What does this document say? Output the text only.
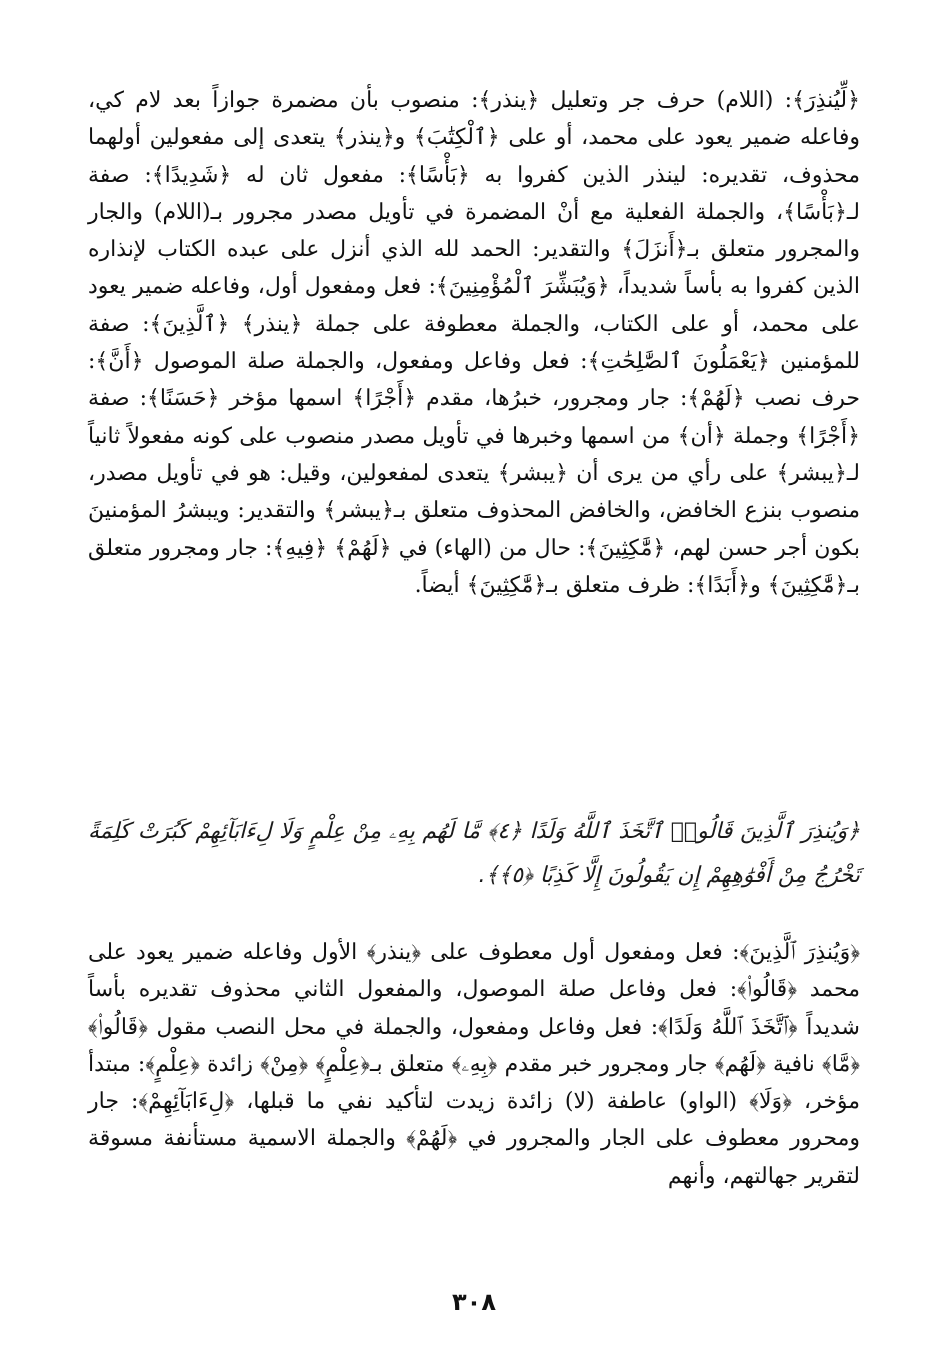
﴿لِّيُنذِرَ﴾: (اللام) حرف جر وتعليل ﴿ينذر﴾: منصوب بأن مضمرة جوازاً بعد لام كي، وفاعله ضمير يعود على محمد، أو على ﴿ٱلْكِتَٰبَ﴾ و﴿ينذر﴾ يتعدى إلى مفعولين أولهما محذوف، تقديره: لينذر الذين كفروا به ﴿بَأْسًا﴾: مفعول ثان له ﴿شَدِيدًا﴾: صفة لـ﴿بَأْسًا﴾، والجملة الفعلية مع أنْ المضمرة في تأويل مصدر مجرور بـ(اللام) والجار والمجرور متعلق بـ﴿أَنزَلَ﴾ والتقدير: الحمد لله الذي أنزل على عبده الكتاب لإنذاره الذين كفروا به بأساً شديداً، ﴿وَيُبَشِّرَ ٱلْمُؤْمِنِينَ﴾: فعل ومفعول أول، وفاعله ضمير يعود على محمد، أو على الكتاب، والجملة معطوفة على جملة ﴿ينذر﴾ ﴿ٱلَّذِينَ﴾: صفة للمؤمنين ﴿يَعْمَلُونَ ٱلصَّٰلِحَٰتِ﴾: فعل وفاعل ومفعول، والجملة صلة الموصول ﴿أَنَّ﴾: حرف نصب ﴿لَهُمْ﴾: جار ومجرور، خبرُها، مقدم ﴿أَجْرًا﴾ اسمها مؤخر ﴿حَسَنًا﴾: صفة ﴿أَجْرًا﴾ وجملة ﴿أن﴾ من اسمها وخبرها في تأويل مصدر منصوب على كونه مفعولاً ثانياً لـ﴿يبشر﴾ على رأي من يرى أن ﴿يبشر﴾ يتعدى لمفعولين، وقيل: هو في تأويل مصدر، منصوب بنزع الخافض، والخافض المحذوف متعلق بـ﴿يبشر﴾ والتقدير: ويبشرُ المؤمنينَ بكون أجر حسن لهم، ﴿مَّٰكِثِينَ﴾: حال من (الهاء) في ﴿لَهُمْ﴾ ﴿فِيهِ﴾: جار ومجرور متعلق بـ﴿مَّٰكِثِينَ﴾ و﴿أَبَدًا﴾: ظرف متعلق بـ﴿مَّٰكِثِينَ﴾ أيضاً.

﴿وَيُنذِرَ ٱلَّذِينَ قَالُوا۟ ٱتَّخَذَ ٱللَّهُ وَلَدًا ﴿٤﴾ مَّا لَهُم بِهِۦ مِنْ عِلْمٍ وَلَا لِءَابَآئِهِمْ كَبُرَتْ كَلِمَةً تَخْرُجُ مِنْ أَفْوَٰهِهِمْ إِن يَقُولُونَ إِلَّا كَذِبًا ﴿٥﴾﴾.

﴿وَيُنذِرَ ٱلَّذِينَ﴾: فعل ومفعول أول معطوف على ﴿ينذر﴾ الأول وفاعله ضمير يعود على محمد ﴿قَالُوا۟﴾: فعل وفاعل صلة الموصول، والمفعول الثاني محذوف تقديره بأساً شديداً ﴿ٱتَّخَذَ ٱللَّهُ وَلَدًا﴾: فعل وفاعل ومفعول، والجملة في محل النصب مقول ﴿قَالُوا۟﴾ ﴿مَّا﴾ نافية ﴿لَهُم﴾ جار ومجرور خبر مقدم ﴿بِهِۦ﴾ متعلق بـ﴿عِلْمٍ﴾ ﴿مِنْ﴾ زائدة ﴿عِلْمٍ﴾: مبتدأ مؤخر، ﴿وَلَا﴾ (الواو) عاطفة (لا) زائدة زيدت لتأكيد نفي ما قبلها، ﴿لِءَابَآئِهِمْ﴾: جار ومحرور معطوف على الجار والمجرور في ﴿لَهُمْ﴾ والجملة الاسمية مستأنفة مسوقة لتقرير جهالتهم، وأنهم

٣٠٨
